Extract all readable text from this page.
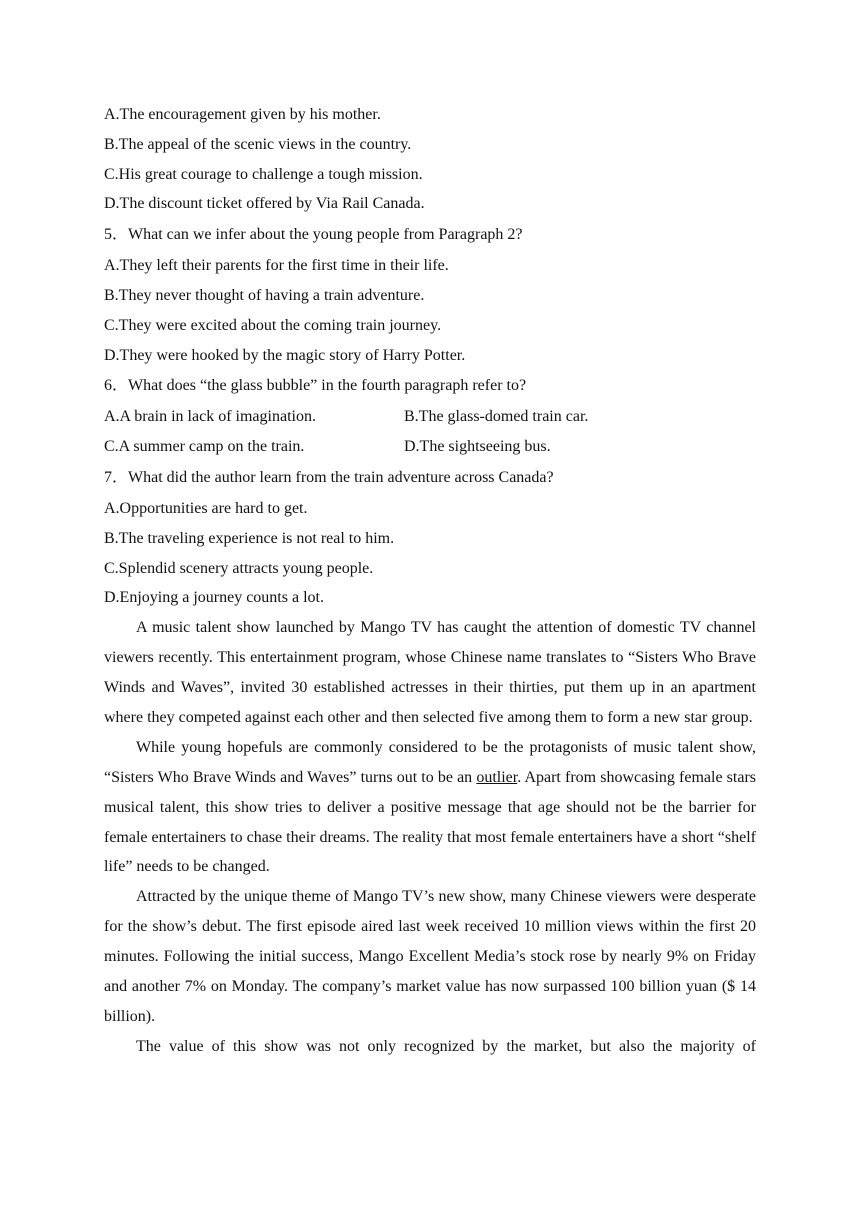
A.The encouragement given by his mother.
B.The appeal of the scenic views in the country.
C.His great courage to challenge a tough mission.
D.The discount ticket offered by Via Rail Canada.
5．What can we infer about the young people from Paragraph 2?
A.They left their parents for the first time in their life.
B.They never thought of having a train adventure.
C.They were excited about the coming train journey.
D.They were hooked by the magic story of Harry Potter.
6．What does “the glass bubble” in the fourth paragraph refer to?
A.A brain in lack of imagination.	B.The glass-domed train car.
C.A summer camp on the train.	D.The sightseeing bus.
7．What did the author learn from the train adventure across Canada?
A.Opportunities are hard to get.
B.The traveling experience is not real to him.
C.Splendid scenery attracts young people.
D.Enjoying a journey counts a lot.

A music talent show launched by Mango TV has caught the attention of domestic TV channel viewers recently. This entertainment program, whose Chinese name translates to “Sisters Who Brave Winds and Waves”, invited 30 established actresses in their thirties, put them up in an apartment where they competed against each other and then selected five among them to form a new star group.

While young hopefuls are commonly considered to be the protagonists of music talent show, “Sisters Who Brave Winds and Waves” turns out to be an outlier. Apart from showcasing female stars musical talent, this show tries to deliver a positive message that age should not be the barrier for female entertainers to chase their dreams. The reality that most female entertainers have a short “shelf life” needs to be changed.

Attracted by the unique theme of Mango TV’s new show, many Chinese viewers were desperate for the show’s debut. The first episode aired last week received 10 million views within the first 20 minutes. Following the initial success, Mango Excellent Media’s stock rose by nearly 9% on Friday and another 7% on Monday. The company’s market value has now surpassed 100 billion yuan ($ 14 billion).

The value of this show was not only recognized by the market, but also the majority of
